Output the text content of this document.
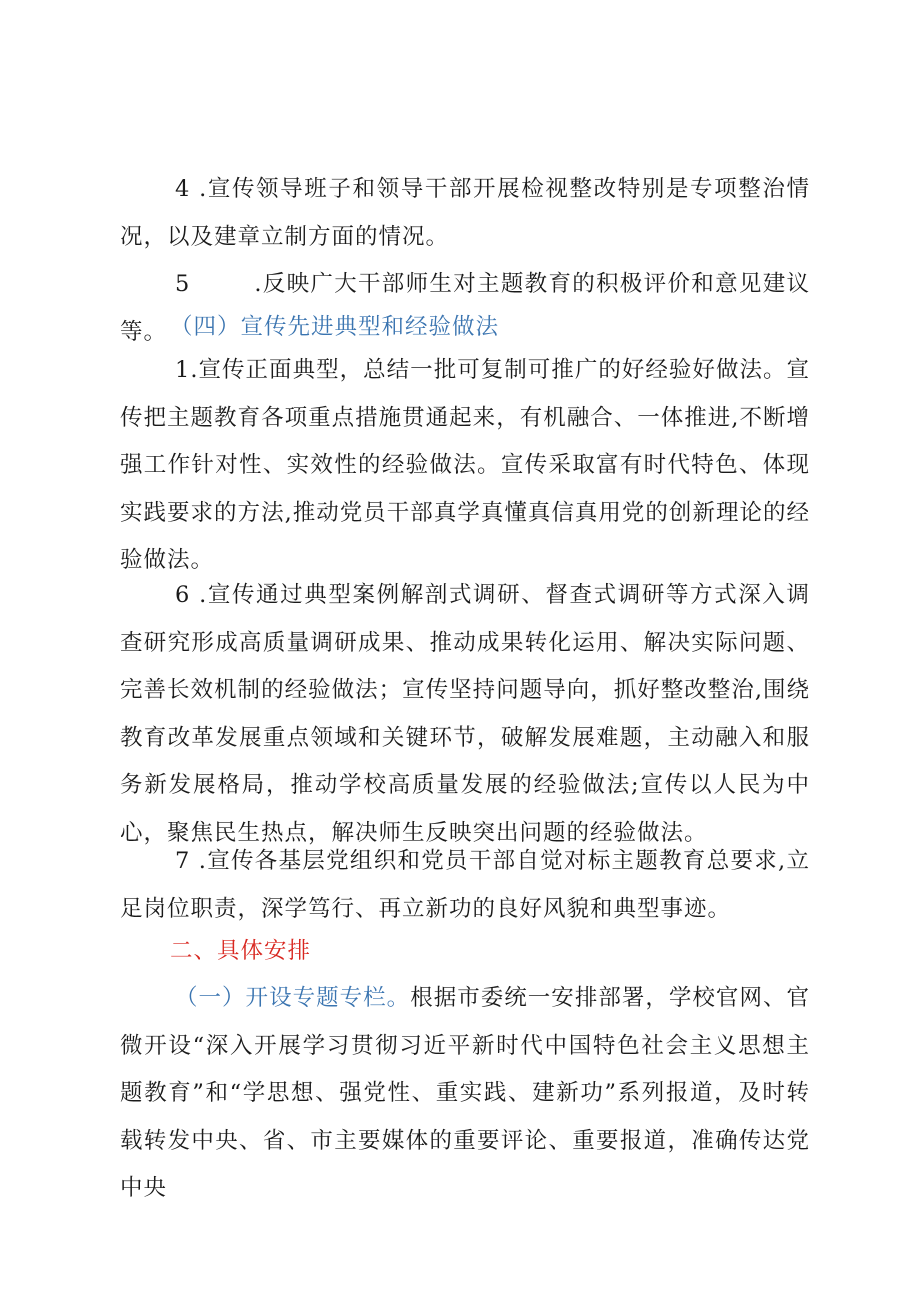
4 .宣传领导班子和领导干部开展检视整改特别是专项整治情况，以及建章立制方面的情况。

5	.反映广大干部师生对主题教育的积极评价和意见建议等。 （四）宣传先进典型和经验做法

1.宣传正面典型，总结一批可复制可推广的好经验好做法。宣传把主题教育各项重点措施贯通起来，有机融合、一体推进,不断增强工作针对性、实效性的经验做法。宣传采取富有时代特色、体现实践要求的方法,推动党员干部真学真懂真信真用党的创新理论的经验做法。

6 .宣传通过典型案例解剖式调研、督查式调研等方式深入调查研究形成高质量调研成果、推动成果转化运用、解决实际问题、完善长效机制的经验做法；宣传坚持问题导向，抓好整改整治,围绕教育改革发展重点领域和关键环节，破解发展难题，主动融入和服务新发展格局，推动学校高质量发展的经验做法;宣传以人民为中心，聚焦民生热点，解决师生反映突出问题的经验做法。

7 .宣传各基层党组织和党员干部自觉对标主题教育总要求,立足岗位职责，深学笃行、再立新功的良好风貌和典型事迹。

二、具体安排

（一）开设专题专栏。根据市委统一安排部署，学校官网、官微开设“深入开展学习贯彻习近平新时代中国特色社会主义思想主题教育”和“学思想、强党性、重实践、建新功”系列报道，及时转载转发中央、省、市主要媒体的重要评论、重要报道，准确传达党中央
